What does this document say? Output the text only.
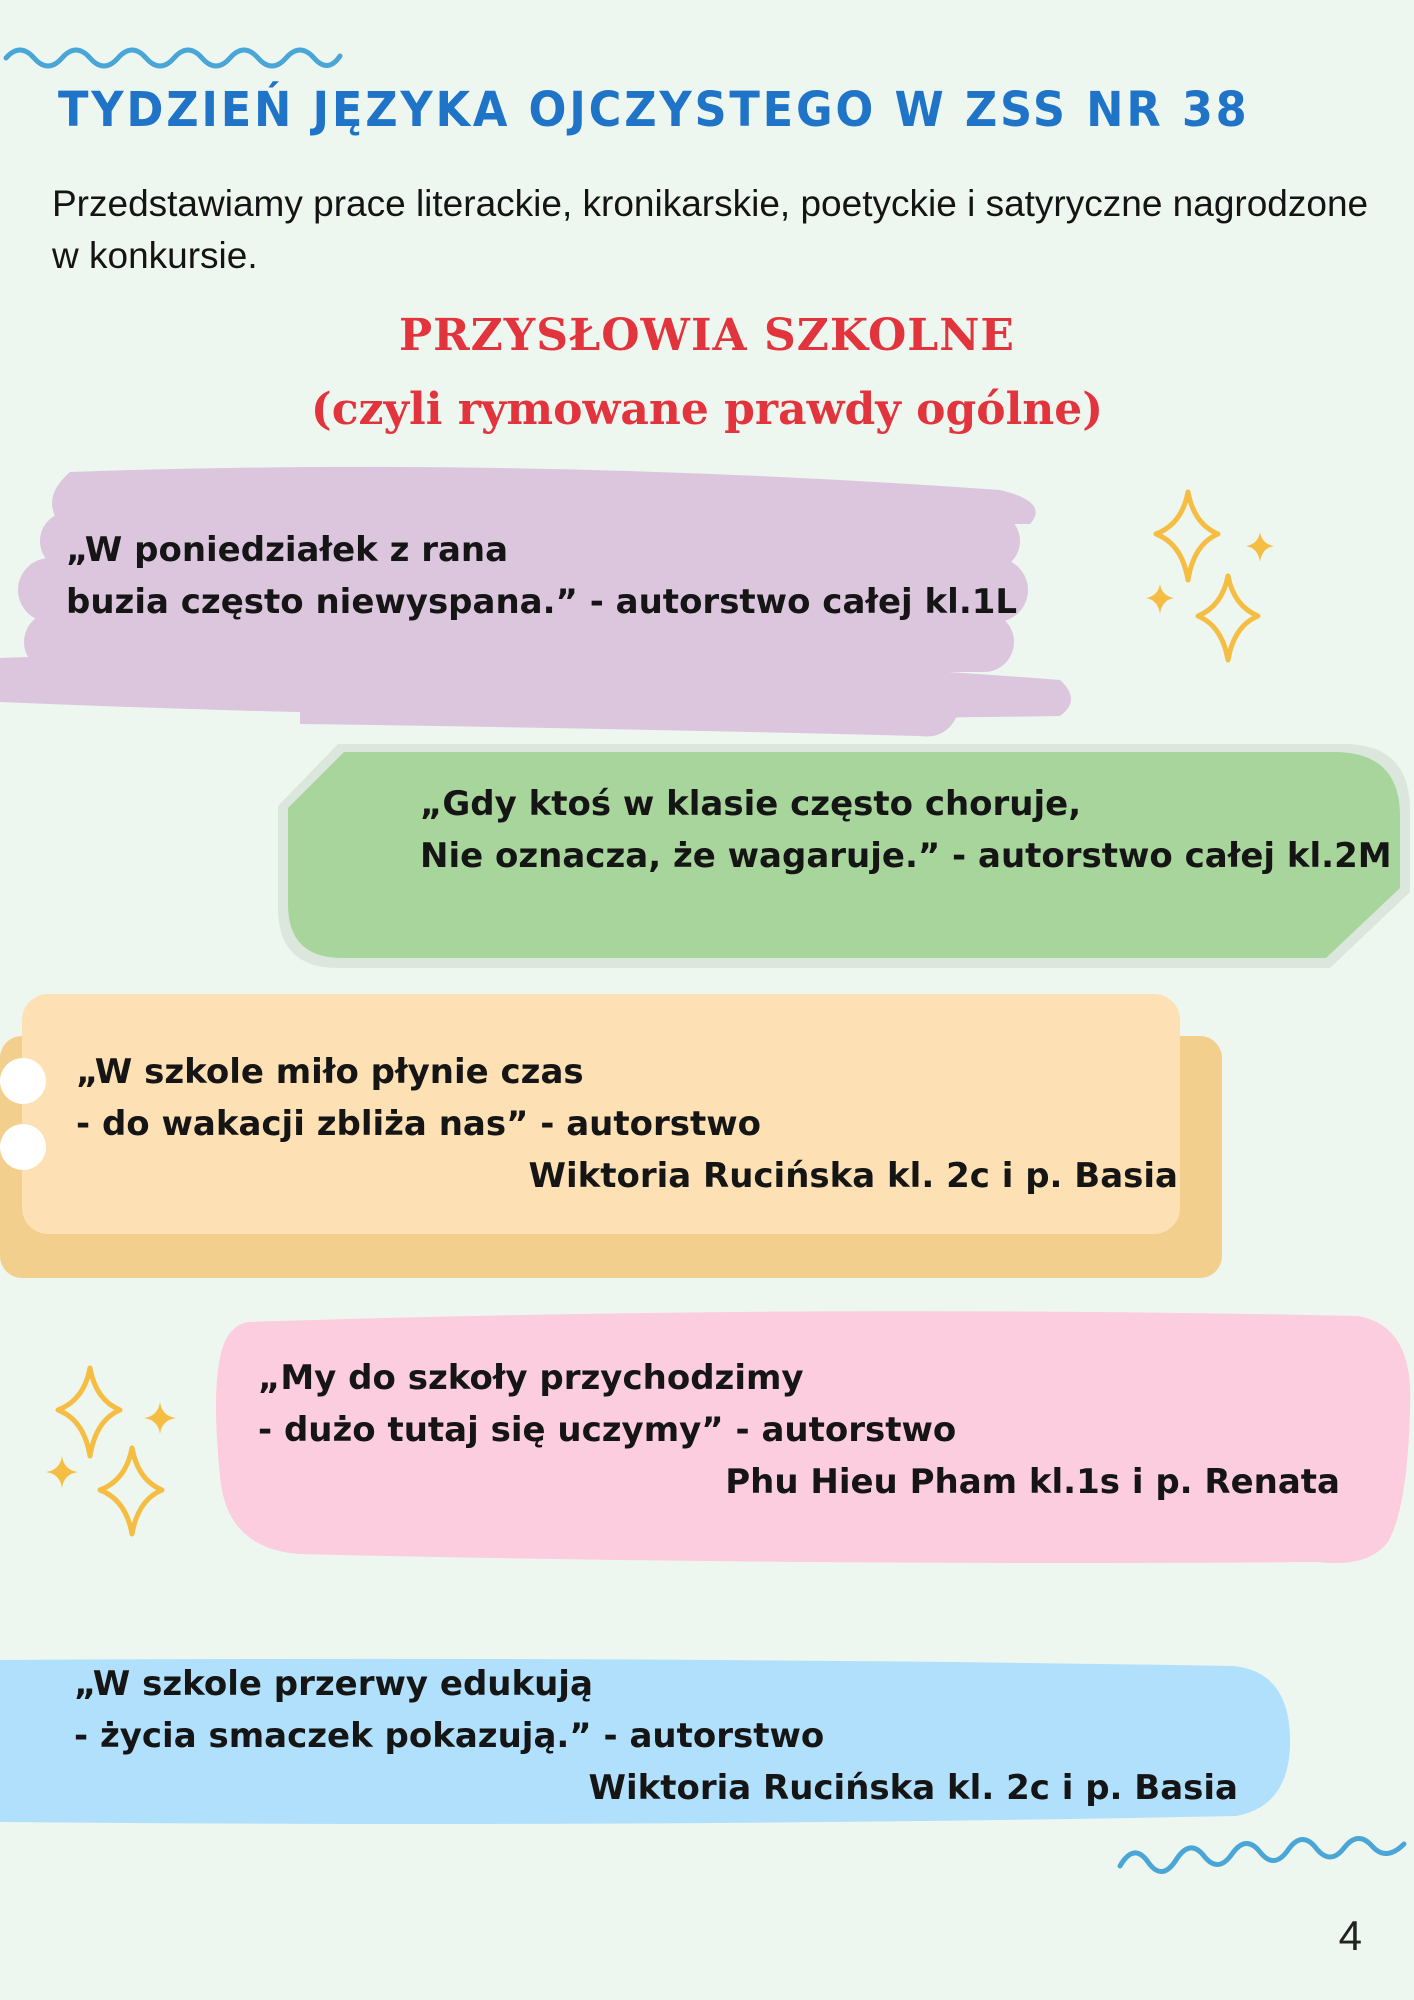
TYDZIEŃ JĘZYKA OJCZYSTEGO W ZSS NR 38
Przedstawiamy prace literackie, kronikarskie, poetyckie i satyryczne nagrodzone w konkursie.
PRZYSŁOWIA SZKOLNE
(czyli rymowane prawdy ogólne)
„W poniedziałek z rana
buzia często niewyspana.” - autorstwo całej kl.1L
„Gdy ktoś w klasie często choruje,
Nie oznacza, że wagaruje.” - autorstwo całej kl.2M
„W szkole miło płynie czas
- do wakacji zbliża nas” - autorstwo
Wiktoria Rucińska kl. 2c i p. Basia
„My do szkoły przychodzimy
- dużo tutaj się uczymy” - autorstwo
Phu Hieu Pham kl.1s i p. Renata
„W szkole przerwy edukują
- życia smaczek pokazują.” - autorstwo
Wiktoria Rucińska kl. 2c i p. Basia
4
